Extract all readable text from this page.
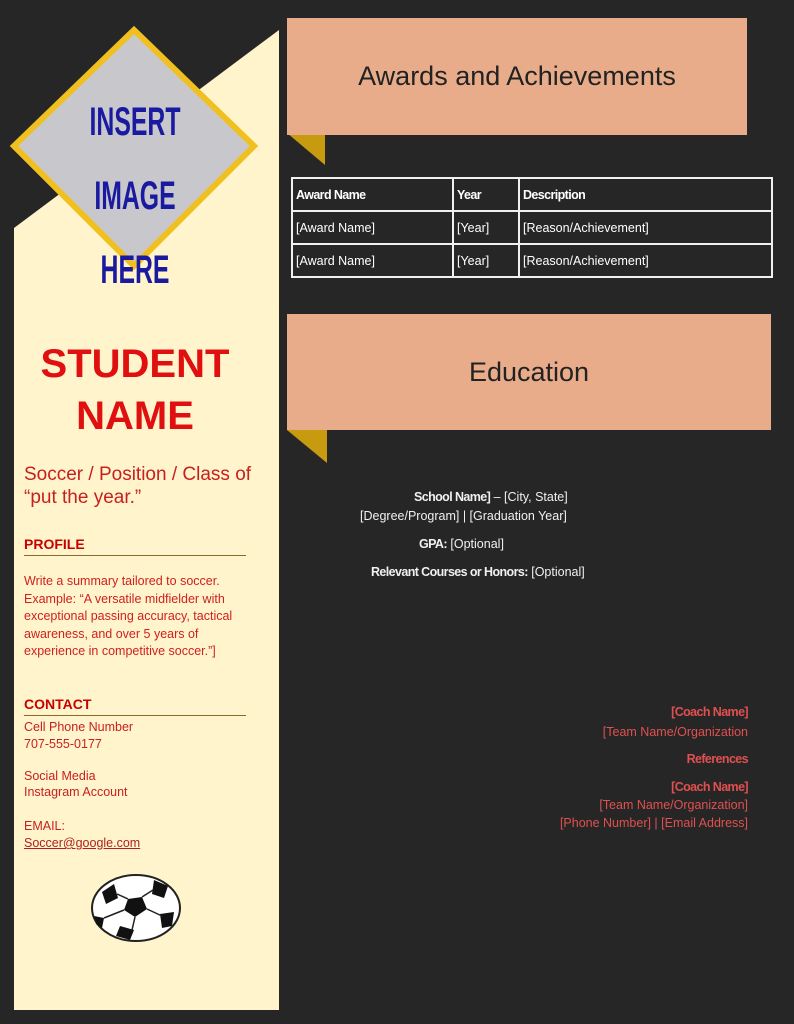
INSERT IMAGE
HERE
STUDENT
NAME
Soccer / Position / Class of “put the year.”
PROFILE
Write a summary tailored to soccer. Example: “A versatile midfielder with exceptional passing accuracy, tactical awareness, and over 5 years of experience in competitive soccer.”]
CONTACT
Cell Phone Number
707-555-0177
Social Media
Instagram Account
EMAIL:
Soccer@google.com
Awards and Achievements
Award Name	Year	Description
[Award Name]	[Year]	[Reason/Achievement]
[Award Name]	[Year]	[Reason/Achievement]
Education
School Name] – [City, State]
[Degree/Program] | [Graduation Year]
GPA: [Optional]
Relevant Courses or Honors: [Optional]
[Coach Name]
[Team Name/Organization
References
[Coach Name]
[Team Name/Organization]
[Phone Number] | [Email Address]
